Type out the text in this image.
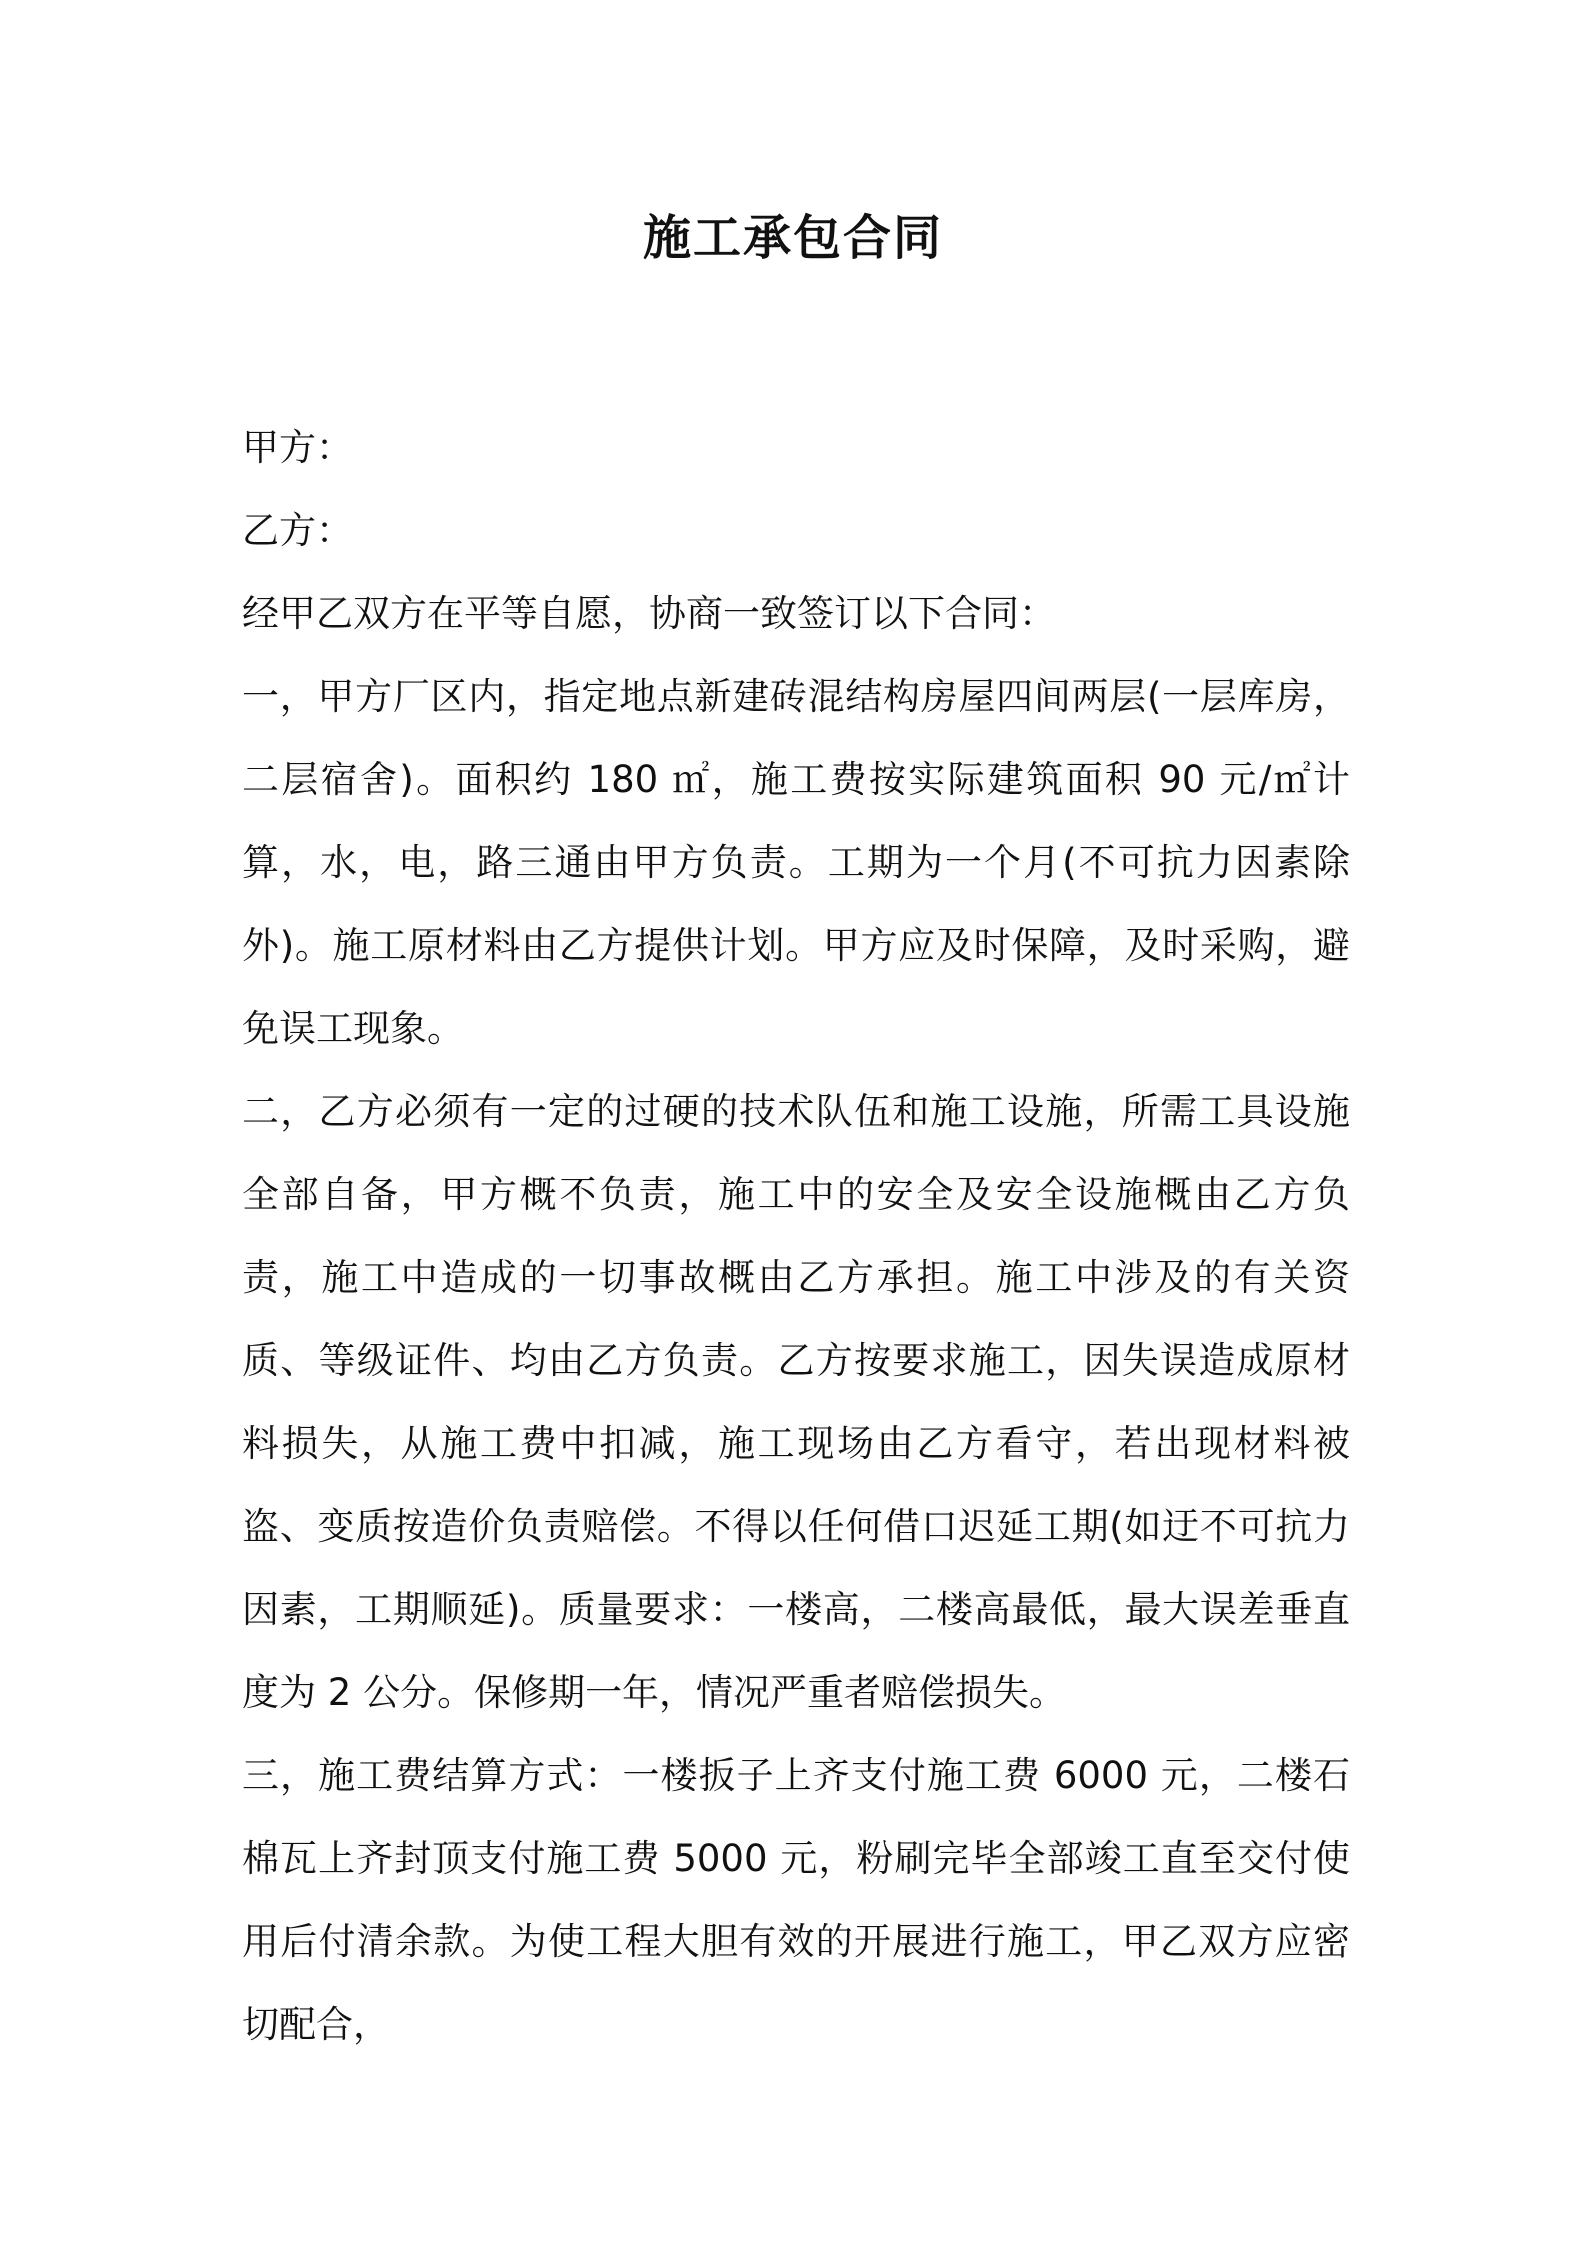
施工承包合同

甲方：

乙方：

经甲乙双方在平等自愿，协商一致签订以下合同：

一，甲方厂区内，指定地点新建砖混结构房屋四间两层(一层库房，二层宿舍)。面积约 180 ㎡，施工费按实际建筑面积 90 元/㎡计算，水，电，路三通由甲方负责。工期为一个月(不可抗力因素除外)。施工原材料由乙方提供计划。甲方应及时保障，及时采购，避免误工现象。

二，乙方必须有一定的过硬的技术队伍和施工设施，所需工具设施全部自备，甲方概不负责，施工中的安全及安全设施概由乙方负责，施工中造成的一切事故概由乙方承担。施工中涉及的有关资质、等级证件、均由乙方负责。乙方按要求施工，因失误造成原材料损失，从施工费中扣减，施工现场由乙方看守，若出现材料被盗、变质按造价负责赔偿。不得以任何借口迟延工期(如迂不可抗力因素，工期顺延)。质量要求：一楼高，二楼高最低，最大误差垂直度为 2 公分。保修期一年，情况严重者赔偿损失。

三，施工费结算方式：一楼扳子上齐支付施工费 6000 元，二楼石棉瓦上齐封顶支付施工费 5000 元，粉刷完毕全部竣工直至交付使用后付清余款。为使工程大胆有效的开展进行施工，甲乙双方应密切配合，
